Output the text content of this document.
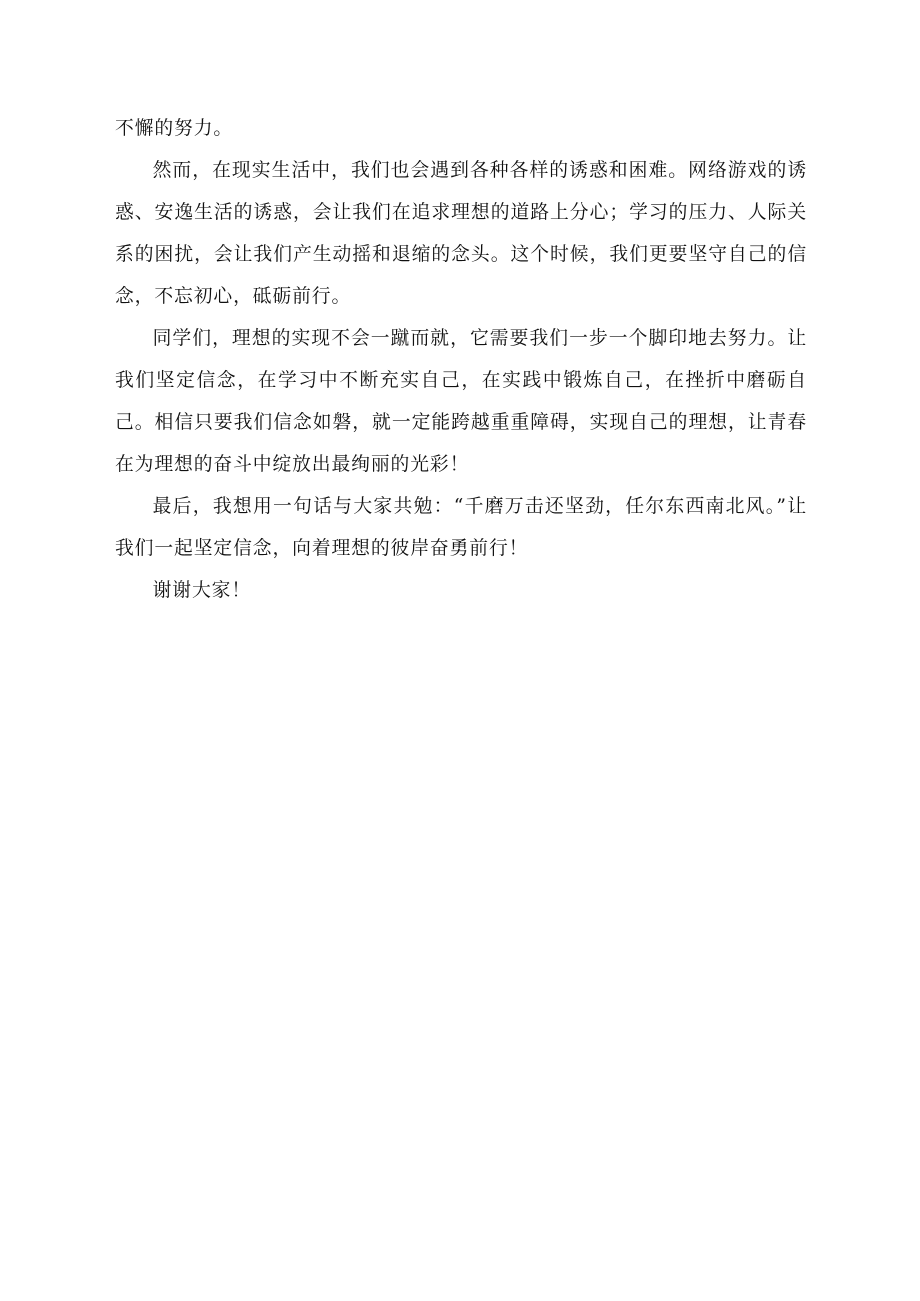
不懈的努力。

然而，在现实生活中，我们也会遇到各种各样的诱惑和困难。网络游戏的诱惑、安逸生活的诱惑，会让我们在追求理想的道路上分心；学习的压力、人际关系的困扰，会让我们产生动摇和退缩的念头。这个时候，我们更要坚守自己的信念，不忘初心，砥砺前行。

同学们，理想的实现不会一蹴而就，它需要我们一步一个脚印地去努力。让我们坚定信念，在学习中不断充实自己，在实践中锻炼自己，在挫折中磨砺自己。相信只要我们信念如磐，就一定能跨越重重障碍，实现自己的理想，让青春在为理想的奋斗中绽放出最绚丽的光彩！

最后，我想用一句话与大家共勉：“千磨万击还坚劲，任尔东西南北风。”让我们一起坚定信念，向着理想的彼岸奋勇前行！

谢谢大家！
